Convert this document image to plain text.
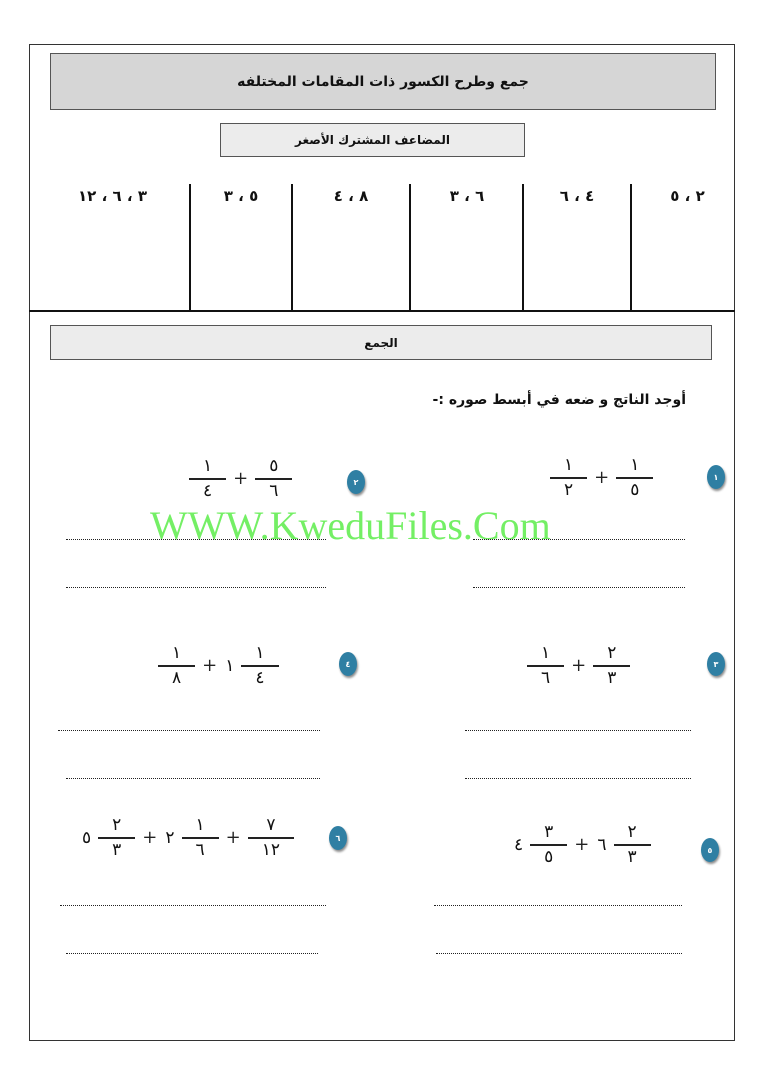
جمع وطرح الكسور ذات المقامات المختلفه
المضاعف المشترك الأصغر
٢ ، ٥
٤ ، ٦
٦ ، ٣
٨ ، ٤
٥ ، ٣
٣ ، ٦ ، ١٢
الجمع
أوجد الناتج و ضعه في أبسط صوره :-
١
$\frac{١}{٢} + \frac{١}{٥}$
٢
$\frac{١}{٤} + \frac{٥}{٦}$
WWW.KweduFiles.Com
٣
$\frac{١}{٦} + \frac{٢}{٣}$
٤
$\frac{١}{٨}$ + ١ $\frac{١}{٤}$
٥
٤ $\frac{٣}{٥}$ + ٦ $\frac{٢}{٣}$
٦
٥ $\frac{٢}{٣}$ + ٢ $\frac{١}{٦} + \frac{٧}{١٢}$
